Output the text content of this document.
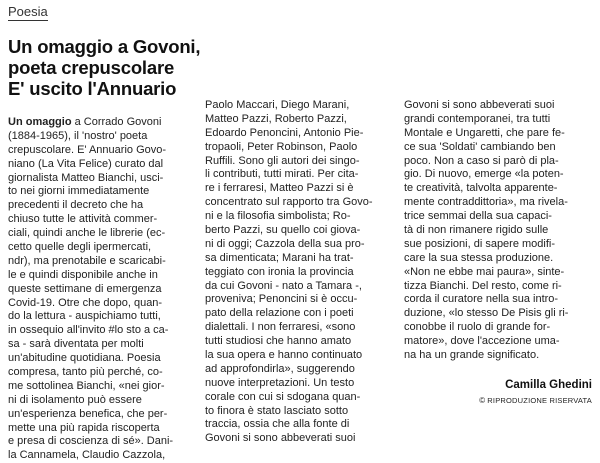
Poesia
Un omaggio a Govoni,
poeta crepuscolare
E' uscito l'Annuario
Un omaggio a Corrado Govoni
(1884-1965), il 'nostro' poeta
crepuscolare. E' Annuario Govo-
niano (La Vita Felice) curato dal
giornalista Matteo Bianchi, usci-
to nei giorni immediatamente
precedenti il decreto che ha
chiuso tutte le attività commer-
ciali, quindi anche le librerie (ec-
cetto quelle degli ipermercati,
ndr), ma prenotabile e scaricabi-
le e quindi disponibile anche in
queste settimane di emergenza
Covid-19. Otre che dopo, quan-
do la lettura - auspichiamo tutti,
in ossequio all'invito #lo sto a ca-
sa - sarà diventata per molti
un'abitudine quotidiana. Poesia
compresa, tanto più perché, co-
me sottolinea Bianchi, «nei gior-
ni di isolamento può essere
un'esperienza benefica, che per-
mette una più rapida riscoperta
e presa di coscienza di sé». Dani-
la Cannamela, Claudio Cazzola,
Paolo Maccari, Diego Marani,
Matteo Pazzi, Roberto Pazzi,
Edoardo Penoncini, Antonio Pie-
tropaoli, Peter Robinson, Paolo
Ruffili. Sono gli autori dei singo-
li contributi, tutti mirati. Per cita-
re i ferraresi, Matteo Pazzi si è
concentrato sul rapporto tra Govo-
ni e la filosofia simbolista; Ro-
berto Pazzi, su quello coi giova-
ni di oggi; Cazzola della sua pro-
sa dimenticata; Marani ha trat-
teggiato con ironia la provincia
da cui Govoni - nato a Tamara -,
proveniva; Penoncini si è occu-
pato della relazione con i poeti
dialettali. I non ferraresi, «sono
tutti studiosi che hanno amato
la sua opera e hanno continuato
ad approfondirla», suggerendo
nuove interpretazioni. Un testo
corale con cui si sdogana quan-
to finora è stato lasciato sotto
traccia, ossia che alla fonte di
Govoni si sono abbeverati suoi
Govoni si sono abbeverati suoi
grandi contemporanei, tra tutti
Montale e Ungaretti, che pare fe-
ce sua 'Soldati' cambiando ben
poco. Non a caso si parò di pla-
gio. Di nuovo, emerge «la poten-
te creatività, talvolta apparente-
mente contraddittoria», ma rivela-
trice semmai della sua capaci-
tà di non rimanere rigido sulle
sue posizioni, di sapere modifi-
care la sua stessa produzione.
«Non ne ebbe mai paura», sinte-
tizza Bianchi. Del resto, come ri-
corda il curatore nella sua intro-
duzione, «lo stesso De Pisis gli ri-
conobbe il ruolo di grande for-
matore», dove l'accezione uma-
na ha un grande significato.
Camilla Ghedini
© RIPRODUZIONE RISERVATA
